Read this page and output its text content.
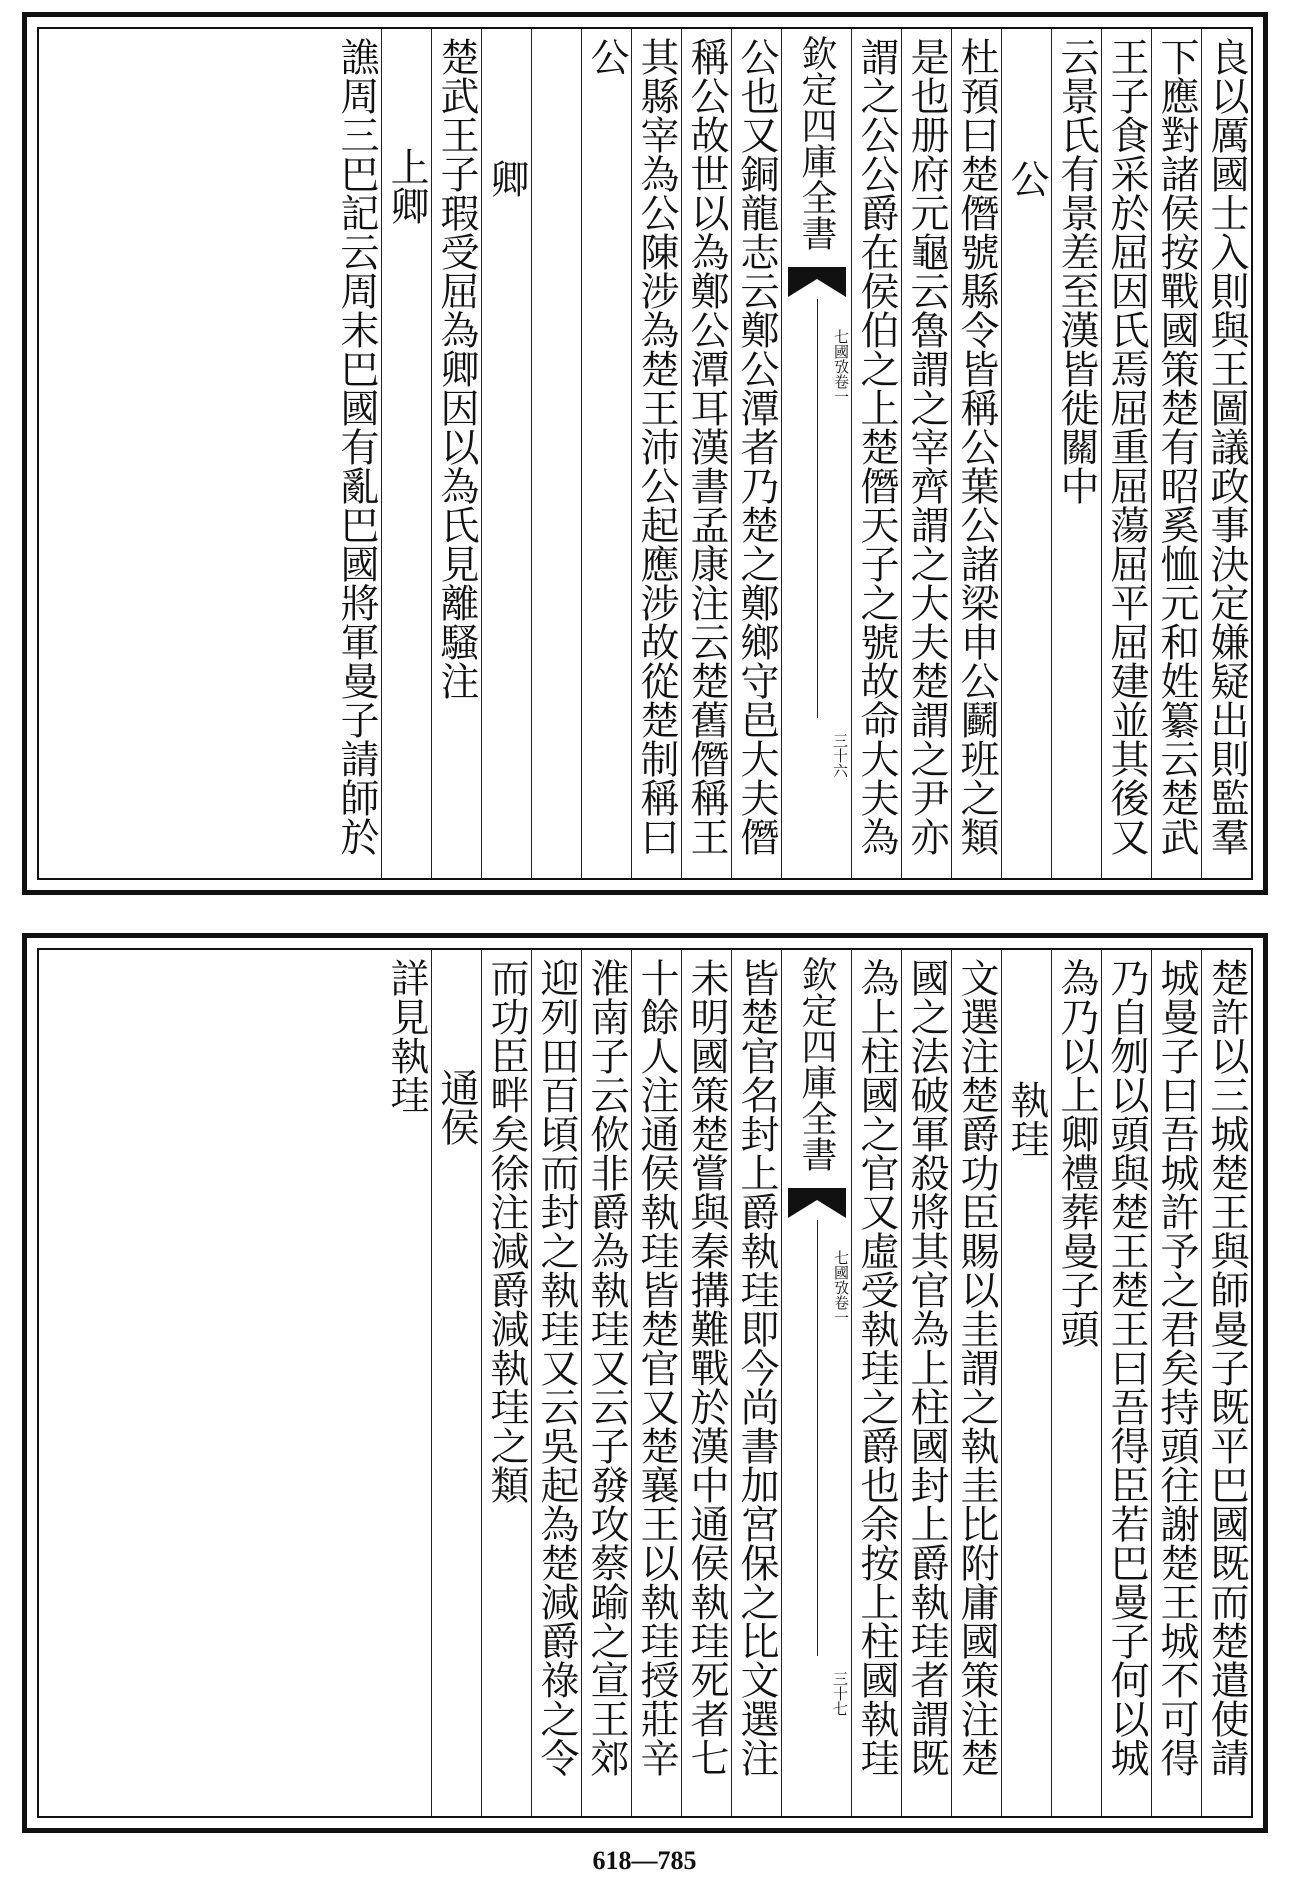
良以厲國士入則與王圖議政事決定嫌疑出則監羣
下應對諸侯按戰國策楚有昭奚恤元和姓纂云楚武
王子食采於屈因氏焉屈重屈蕩屈平屈建並其後又
云景氏有景差至漢皆徙關中
公
杜預曰楚僭號縣令皆稱公葉公諸梁申公鬬班之類
是也册府元龜云魯謂之宰齊謂之大夫楚謂之尹亦
謂之公公爵在侯伯之上楚僭天子之號故命大夫為
欽定四庫全書
七國攷
卷一
三十六
公也又銅龍志云鄭公潭者乃楚之鄭鄉守邑大夫僭
稱公故世以為鄭公潭耳漢書孟康注云楚舊僭稱王
其縣宰為公陳涉為楚王沛公起應涉故從楚制稱曰
公
卿
楚武王子瑕受屈為卿因以為氏見離騷注
上卿
譙周三巴記云周末巴國有亂巴國將軍曼子請師於
楚許以三城楚王與師曼子既平巴國既而楚遣使請
城曼子曰吾城許予之君矣持頭往謝楚王城不可得
乃自刎以頭與楚王楚王曰吾得臣若巴曼子何以城
為乃以上卿禮葬曼子頭
執珪
文選注楚爵功臣賜以圭謂之執圭比附庸國策注楚
國之法破軍殺將其官為上柱國封上爵執珪者謂既
為上柱國之官又虛受執珪之爵也余按上柱國執珪
欽定四庫全書
七國攷
卷一
三十七
皆楚官名封上爵執珪即今尚書加宮保之比文選注
未明國策楚嘗與秦搆難戰於漢中通侯執珪死者七
十餘人注通侯執珪皆楚官又楚襄王以執珪授莊辛
淮南子云佽非爵為執珪又云子發攻蔡踰之宣王郊
迎列田百頃而封之執珪又云吳起為楚減爵祿之令
而功臣畔矣徐注減爵減執珪之類
通侯
詳見執珪
618—785
